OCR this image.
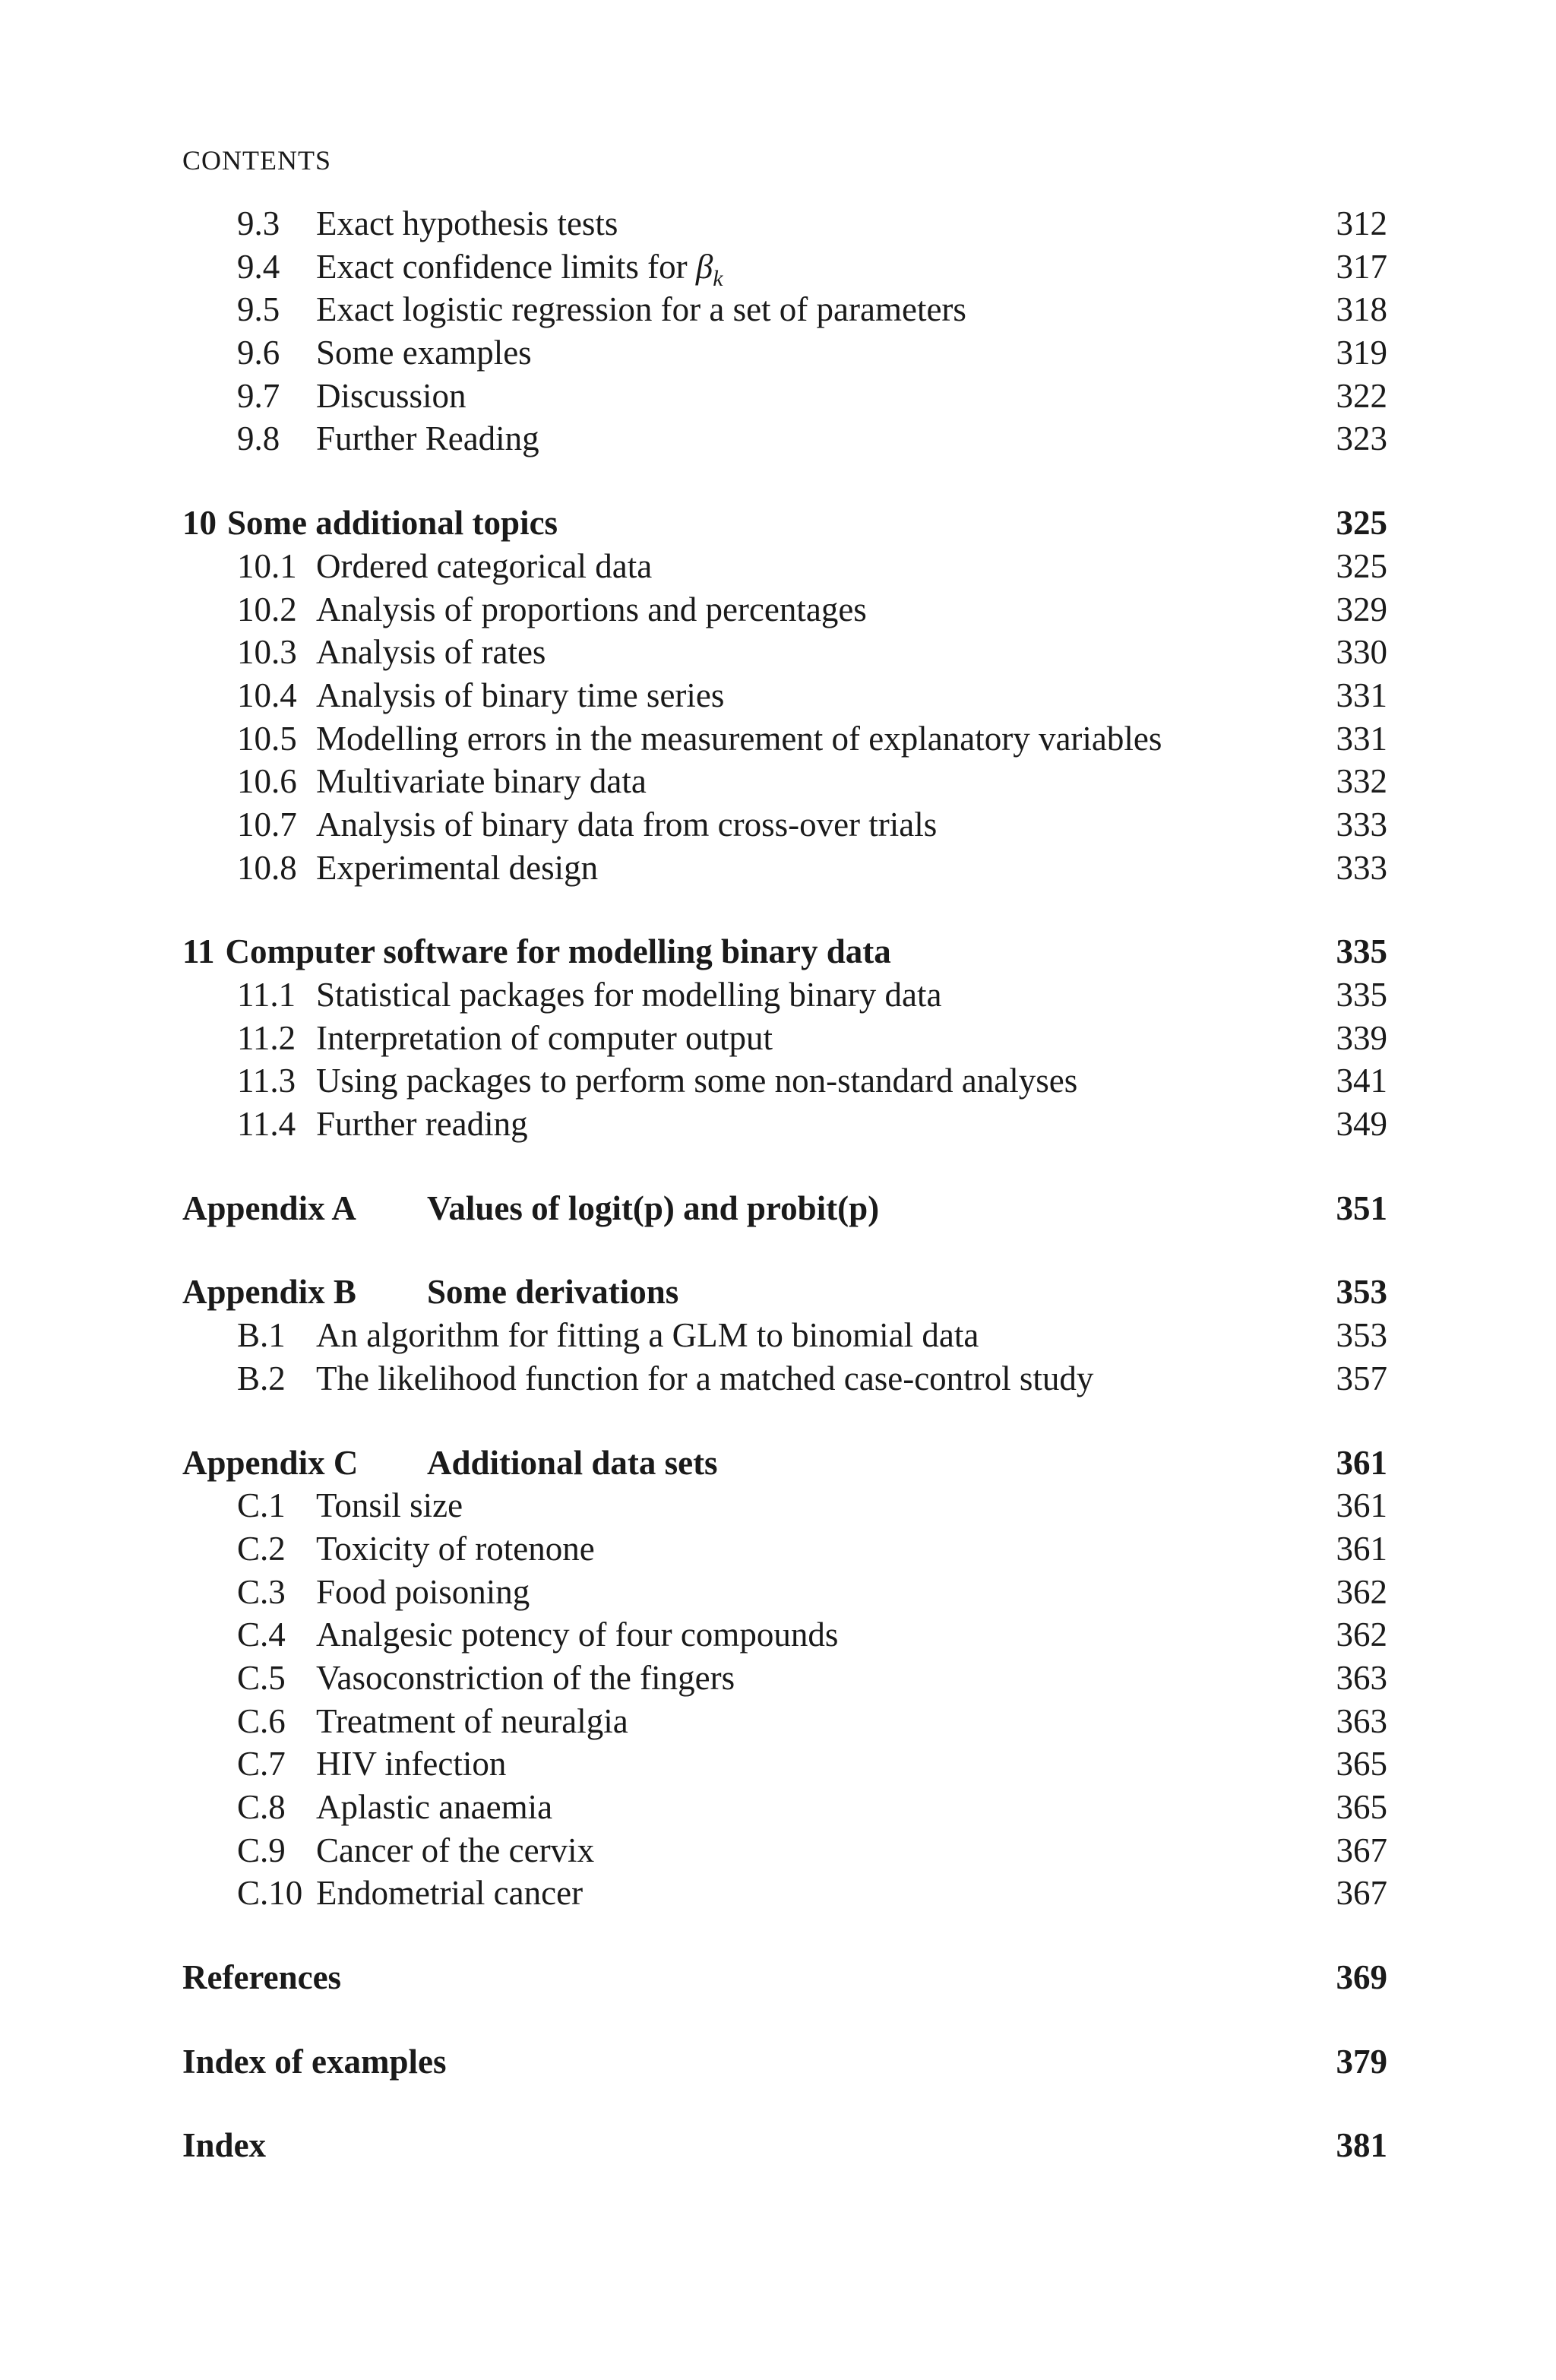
CONTENTS
9.3	Exact hypothesis tests	312
9.4	Exact confidence limits for $\beta_k$	317
9.5	Exact logistic regression for a set of parameters	318
9.6	Some examples	319
9.7	Discussion	322
9.8	Further Reading	323
10 Some additional topics	325
10.1 Ordered categorical data	325
10.2 Analysis of proportions and percentages	329
10.3 Analysis of rates	330
10.4 Analysis of binary time series	331
10.5 Modelling errors in the measurement of explanatory variables	331
10.6 Multivariate binary data	332
10.7 Analysis of binary data from cross-over trials	333
10.8 Experimental design	333
11 Computer software for modelling binary data	335
11.1 Statistical packages for modelling binary data	335
11.2 Interpretation of computer output	339
11.3 Using packages to perform some non-standard analyses	341
11.4 Further reading	349
Appendix A	Values of logit(p) and probit(p)	351
Appendix B	Some derivations	353
B.1 An algorithm for fitting a GLM to binomial data	353
B.2 The likelihood function for a matched case-control study	357
Appendix C	Additional data sets	361
C.1 Tonsil size	361
C.2 Toxicity of rotenone	361
C.3 Food poisoning	362
C.4 Analgesic potency of four compounds	362
C.5 Vasoconstriction of the fingers	363
C.6 Treatment of neuralgia	363
C.7 HIV infection	365
C.8 Aplastic anaemia	365
C.9 Cancer of the cervix	367
C.10 Endometrial cancer	367
References	369
Index of examples	379
Index	381
